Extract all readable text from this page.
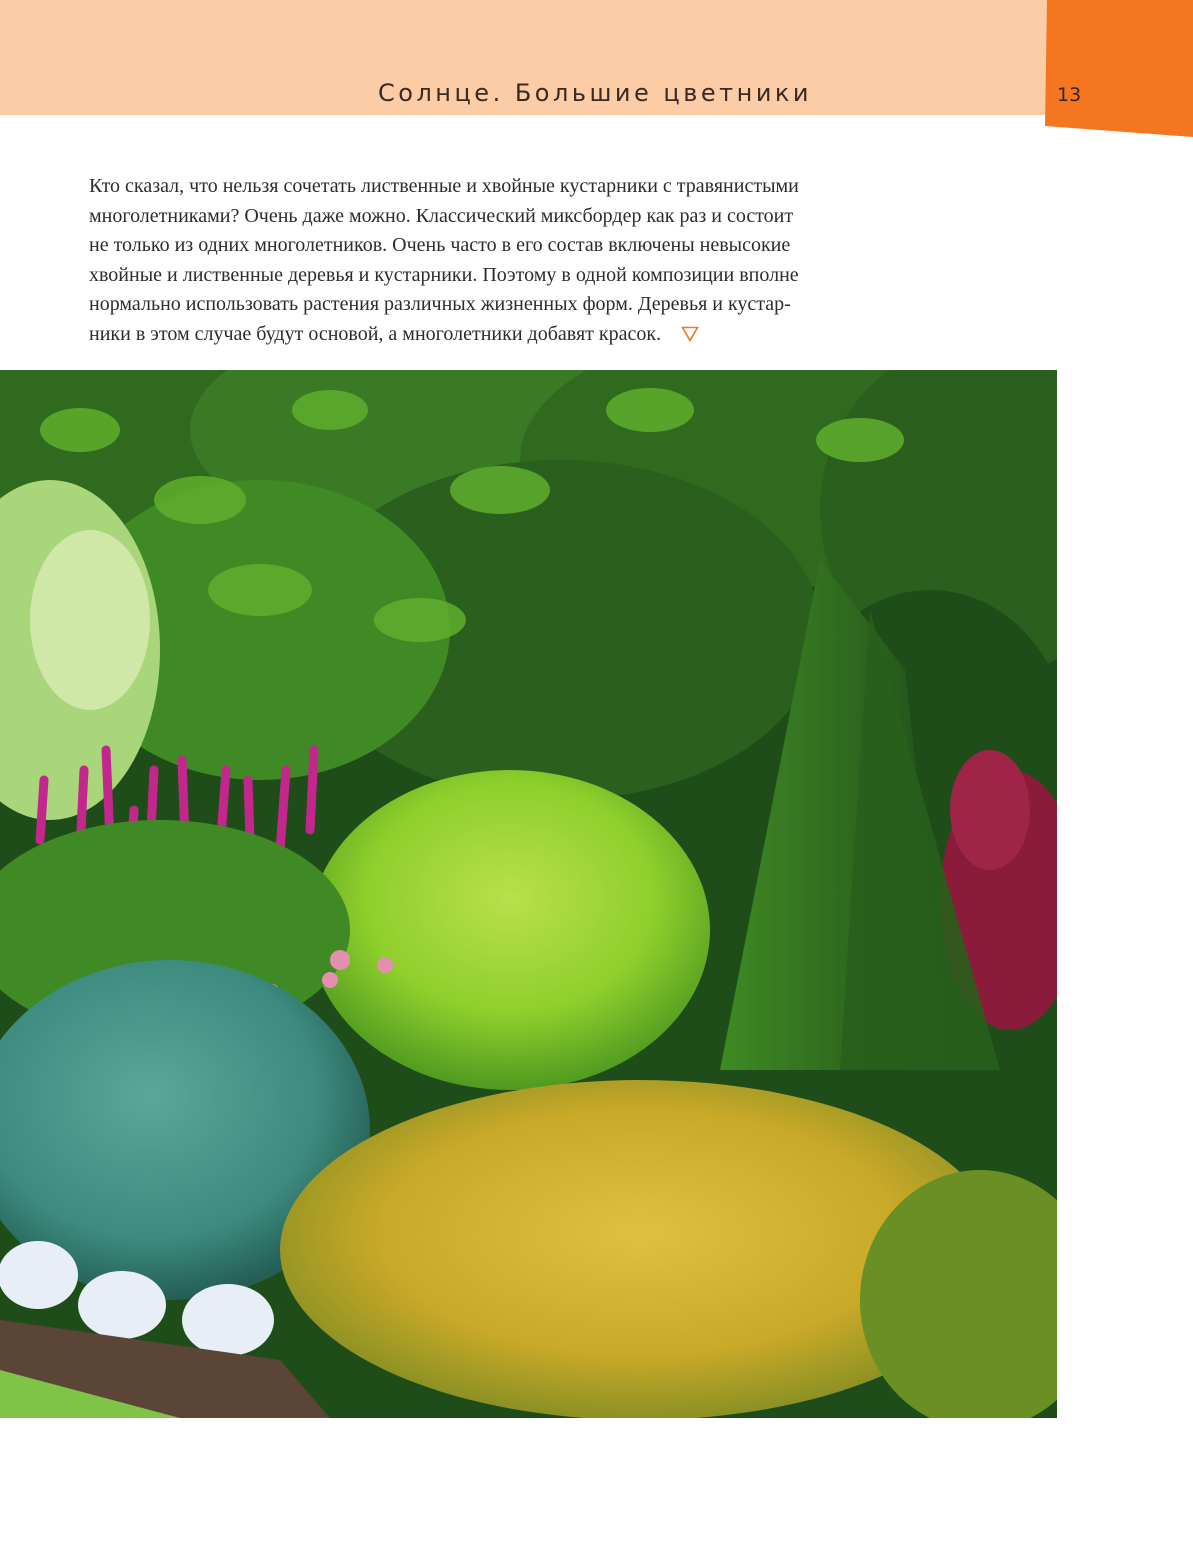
Солнце. Большие цветники	13

Кто сказал, что нельзя сочетать лиственные и хвойные кустарники с травянистыми
многолетниками? Очень даже можно. Классический миксбордер как раз и состоит
не только из одних многолетников. Очень часто в его состав включены невысокие
хвойные и лиственные деревья и кустарники. Поэтому в одной композиции вполне
нормально использовать растения различных жизненных форм. Деревья и кустар-
ники в этом случае будут основой, а многолетники добавят красок.
